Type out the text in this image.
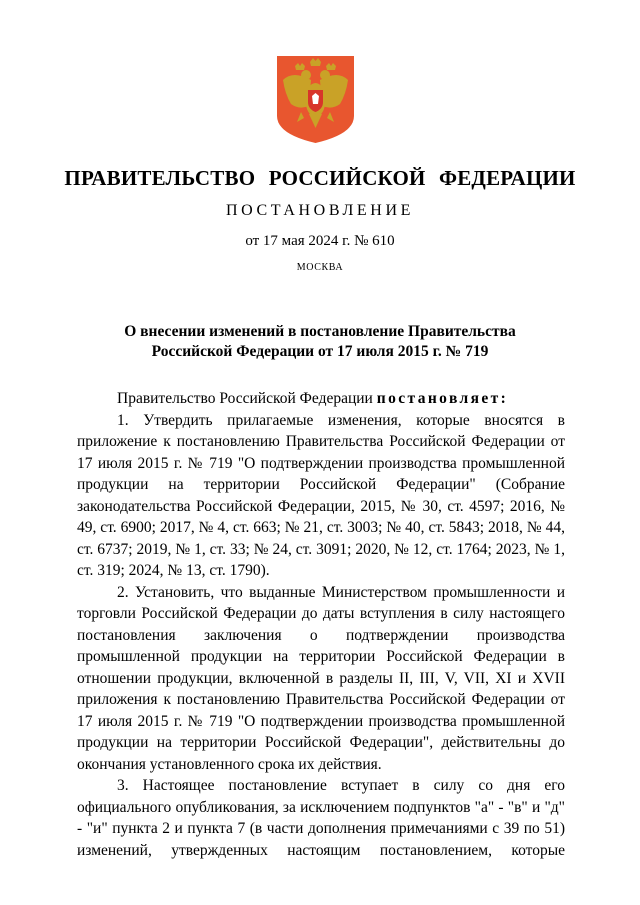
ПРАВИТЕЛЬСТВО РОССИЙСКОЙ ФЕДЕРАЦИИ
ПОСТАНОВЛЕНИЕ
от 17 мая 2024 г. № 610
МОСКВА
О внесении изменений в постановление Правительства
Российской Федерации от 17 июля 2015 г. № 719

Правительство Российской Федерации постановляет:

1. Утвердить прилагаемые изменения, которые вносятся в приложение к постановлению Правительства Российской Федерации от 17 июля 2015 г. № 719 "О подтверждении производства промышленной продукции на территории Российской Федерации" (Собрание законодательства Российской Федерации, 2015, № 30, ст. 4597; 2016, № 49, ст. 6900; 2017, № 4, ст. 663; № 21, ст. 3003; № 40, ст. 5843; 2018, № 44, ст. 6737; 2019, № 1, ст. 33; № 24, ст. 3091; 2020, № 12, ст. 1764; 2023, № 1, ст. 319; 2024, № 13, ст. 1790).

2. Установить, что выданные Министерством промышленности и торговли Российской Федерации до даты вступления в силу настоящего постановления заключения о подтверждении производства промышленной продукции на территории Российской Федерации в отношении продукции, включенной в разделы II, III, V, VII, XI и XVII приложения к постановлению Правительства Российской Федерации от 17 июля 2015 г. № 719 "О подтверждении производства промышленной продукции на территории Российской Федерации", действительны до окончания установленного срока их действия.

3. Настоящее постановление вступает в силу со дня его официального опубликования, за исключением подпунктов "а" - "в" и "д" - "и" пункта 2 и пункта 7 (в части дополнения примечаниями с 39 по 51) изменений, утвержденных настоящим постановлением, которые
